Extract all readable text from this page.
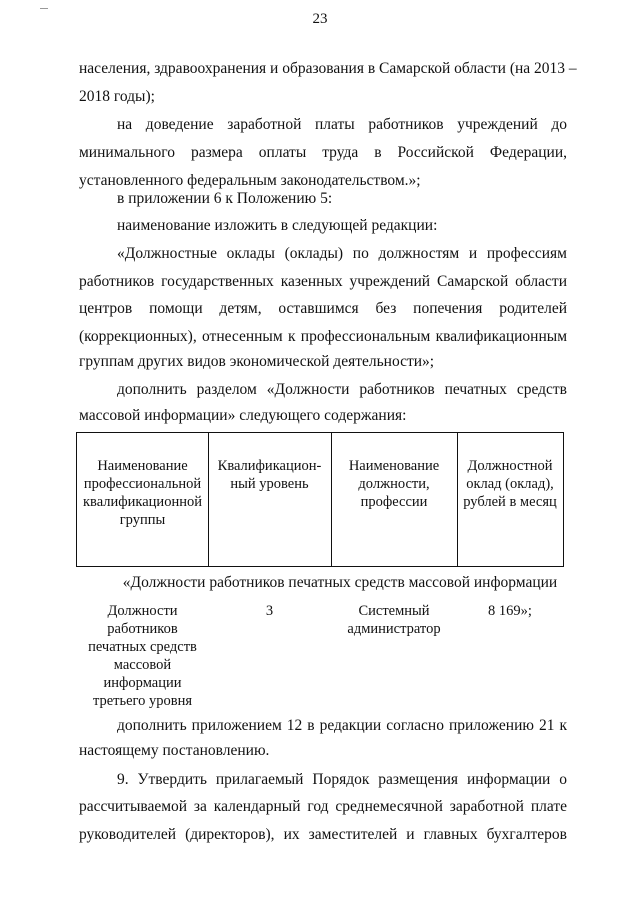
23
населения, здравоохранения и образования в Самарской области (на 2013 –
2018 годы);
на доведение заработной платы работников учреждений до
минимального размера оплаты труда в Российской Федерации,
установленного федеральным законодательством.»;
в приложении 6 к Положению 5:
наименование изложить в следующей редакции:
«Должностные оклады (оклады) по должностям и профессиям
работников государственных казенных учреждений Самарской области
центров помощи детям, оставшимся без попечения родителей
(коррекционных), отнесенным к профессиональным квалификационным
группам других видов экономической деятельности»;
дополнить разделом «Должности работников печатных средств
массовой информации» следующего содержания:
Наименование
профессиональной
квалификационной
группы
Квалификацион-
ный уровень
Наименование
должности,
профессии
Должностной
оклад (оклад),
рублей в месяц
«Должности работников печатных средств массовой информации
Должности
работников
печатных средств
массовой
информации
третьего уровня
3	Системный
администратор
8 169»;
дополнить приложением 12 в редакции согласно приложению 21 к
настоящему постановлению.
9. Утвердить прилагаемый Порядок размещения информации о
рассчитываемой за календарный год среднемесячной заработной плате
руководителей (директоров), их заместителей и главных бухгалтеров
